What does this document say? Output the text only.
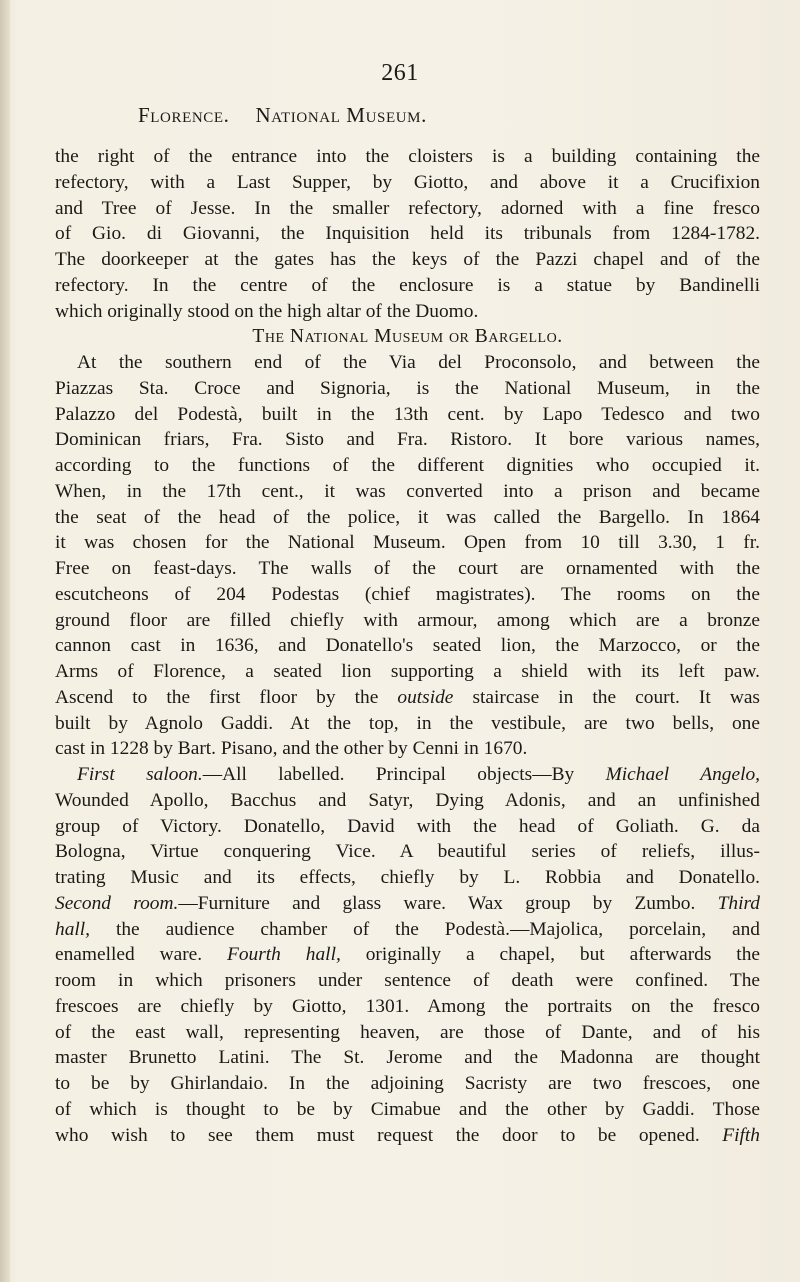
261
Florence. National Museum.
the right of the entrance into the cloisters is a building containing the
refectory, with a Last Supper, by Giotto, and above it a Crucifixion
and Tree of Jesse. In the smaller refectory, adorned with a fine fresco
of Gio. di Giovanni, the Inquisition held its tribunals from 1284-1782.
The doorkeeper at the gates has the keys of the Pazzi chapel and of the
refectory. In the centre of the enclosure is a statue by Bandinelli
which originally stood on the high altar of the Duomo.
The National Museum or Bargello.
At the southern end of the Via del Proconsolo, and between the
Piazzas Sta. Croce and Signoria, is the National Museum, in the
Palazzo del Podestà, built in the 13th cent. by Lapo Tedesco and two
Dominican friars, Fra. Sisto and Fra. Ristoro. It bore various names,
according to the functions of the different dignities who occupied it.
When, in the 17th cent., it was converted into a prison and became
the seat of the head of the police, it was called the Bargello. In 1864
it was chosen for the National Museum. Open from 10 till 3.30, 1 fr.
Free on feast-days. The walls of the court are ornamented with the
escutcheons of 204 Podestas (chief magistrates). The rooms on the
ground floor are filled chiefly with armour, among which are a bronze
cannon cast in 1636, and Donatello's seated lion, the Marzocco, or the
Arms of Florence, a seated lion supporting a shield with its left paw.
Ascend to the first floor by the outside staircase in the court. It was
built by Agnolo Gaddi. At the top, in the vestibule, are two bells, one
cast in 1228 by Bart. Pisano, and the other by Cenni in 1670.
First saloon.—All labelled. Principal objects—By Michael Angelo,
Wounded Apollo, Bacchus and Satyr, Dying Adonis, and an unfinished
group of Victory. Donatello, David with the head of Goliath. G. da
Bologna, Virtue conquering Vice. A beautiful series of reliefs, illus-
trating Music and its effects, chiefly by L. Robbia and Donatello.
Second room.—Furniture and glass ware. Wax group by Zumbo. Third
hall, the audience chamber of the Podestà.—Majolica, porcelain, and
enamelled ware. Fourth hall, originally a chapel, but afterwards the
room in which prisoners under sentence of death were confined. The
frescoes are chiefly by Giotto, 1301. Among the portraits on the fresco
of the east wall, representing heaven, are those of Dante, and of his
master Brunetto Latini. The St. Jerome and the Madonna are thought
to be by Ghirlandaio. In the adjoining Sacristy are two frescoes, one
of which is thought to be by Cimabue and the other by Gaddi. Those
who wish to see them must request the door to be opened. Fifth
